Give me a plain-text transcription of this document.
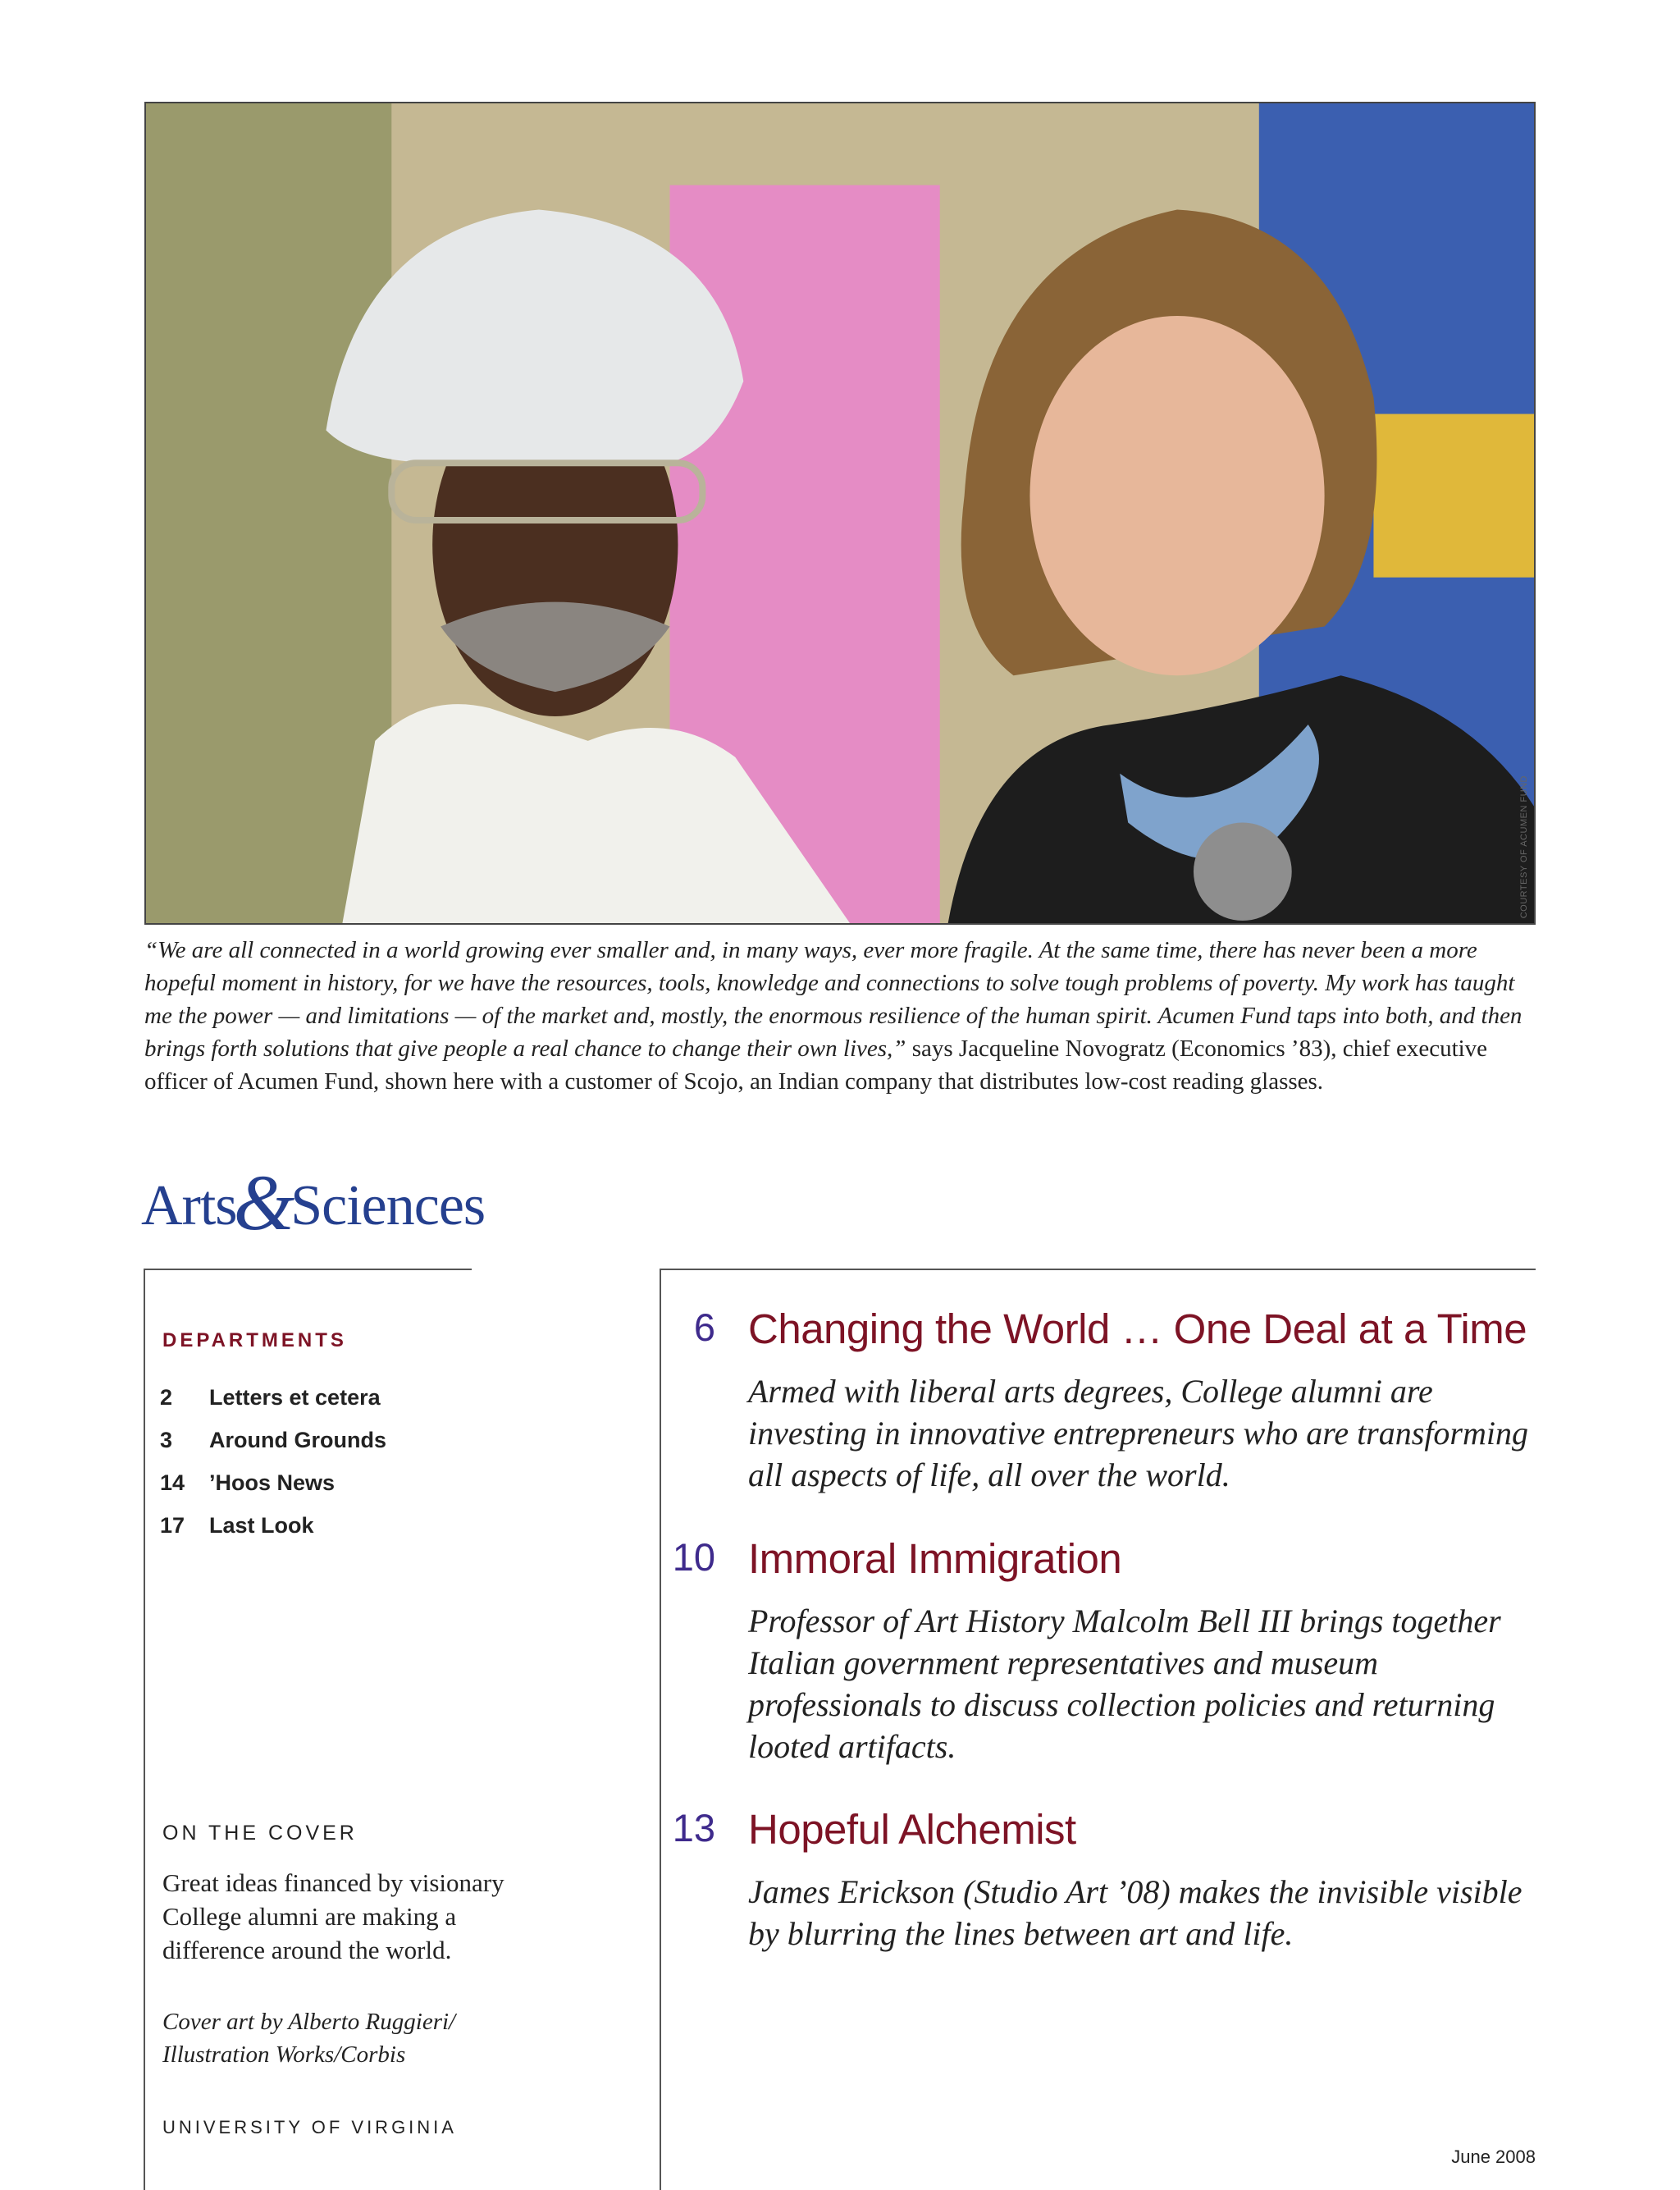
COURTESY OF ACUMEN FUND
“We are all connected in a world growing ever smaller and, in many ways, ever more fragile. At the same time, there has never been a more hopeful moment in history, for we have the resources, tools, knowledge and connections to solve tough problems of poverty. My work has taught me the power — and limitations — of the market and, mostly, the enormous resilience of the human spirit. Acumen Fund taps into both, and then brings forth solutions that give people a real chance to change their own lives,” says Jacqueline Novogratz (Economics ’83), chief executive officer of Acumen Fund, shown here with a customer of Scojo, an Indian company that distributes low-cost reading glasses.
Arts&Sciences
DEPARTMENTS
2	Letters et cetera
3	Around Grounds
14	’Hoos News
17	Last Look
ON THE COVER
Great ideas financed by visionary College alumni are making a difference around the world.
Cover art by Alberto Ruggieri/
Illustration Works/Corbis
UNIVERSITY OF VIRGINIA
6 Changing the World … One Deal at a Time
Armed with liberal arts degrees, College alumni are investing in innovative entrepreneurs who are transforming all aspects of life, all over the world.
10 Immoral Immigration
Professor of Art History Malcolm Bell III brings together Italian government representatives and museum professionals to discuss collection policies and returning looted artifacts.
13 Hopeful Alchemist
James Erickson (Studio Art ’08) makes the invisible visible by blurring the lines between art and life.
June 2008
